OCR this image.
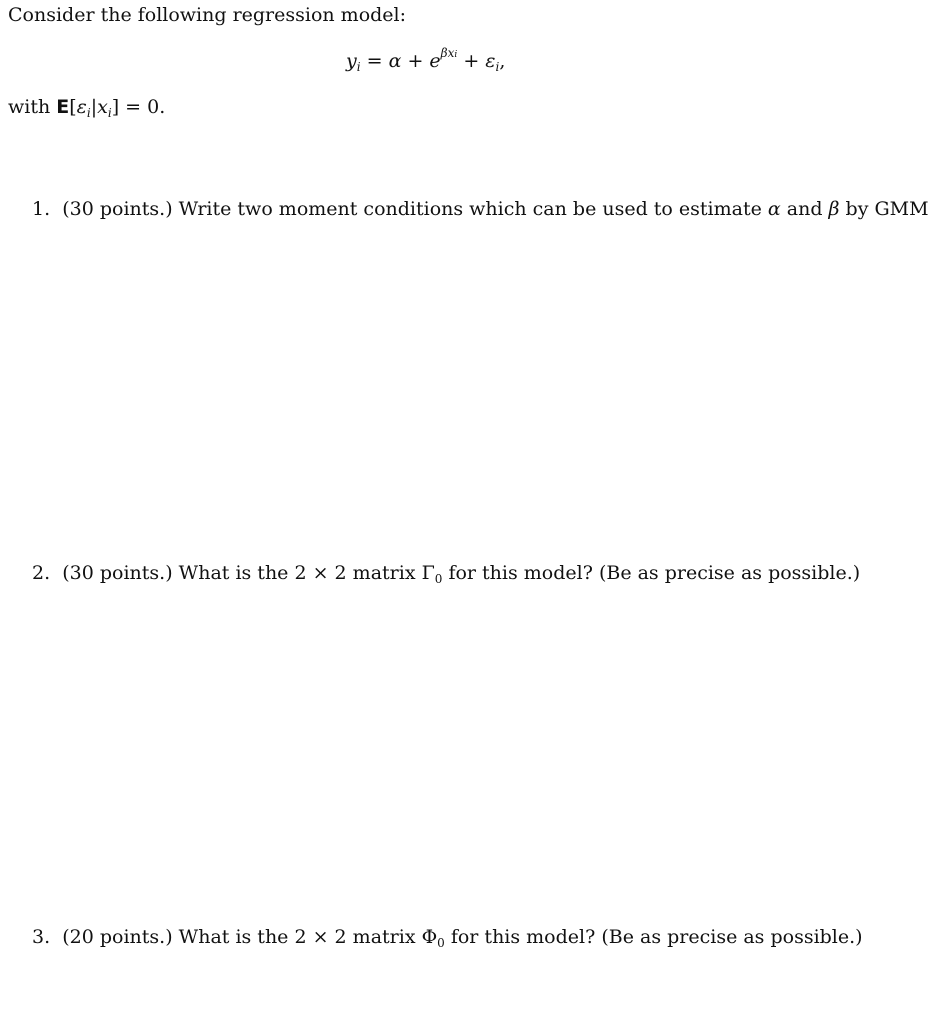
Consider the following regression model:
$y_i = \alpha + e^{\beta xi} + \varepsilon_i$,
with $E[\varepsilon_i|x_i] = 0$.
1. (30 points.) Write two moment conditions which can be used to estimate α and β by GMM
2. (30 points.) What is the 2 × 2 matrix $\Gamma_0$ for this model? (Be as precise as possible.)
3. (20 points.) What is the 2 × 2 matrix $\Phi_0$ for this model? (Be as precise as possible.)
